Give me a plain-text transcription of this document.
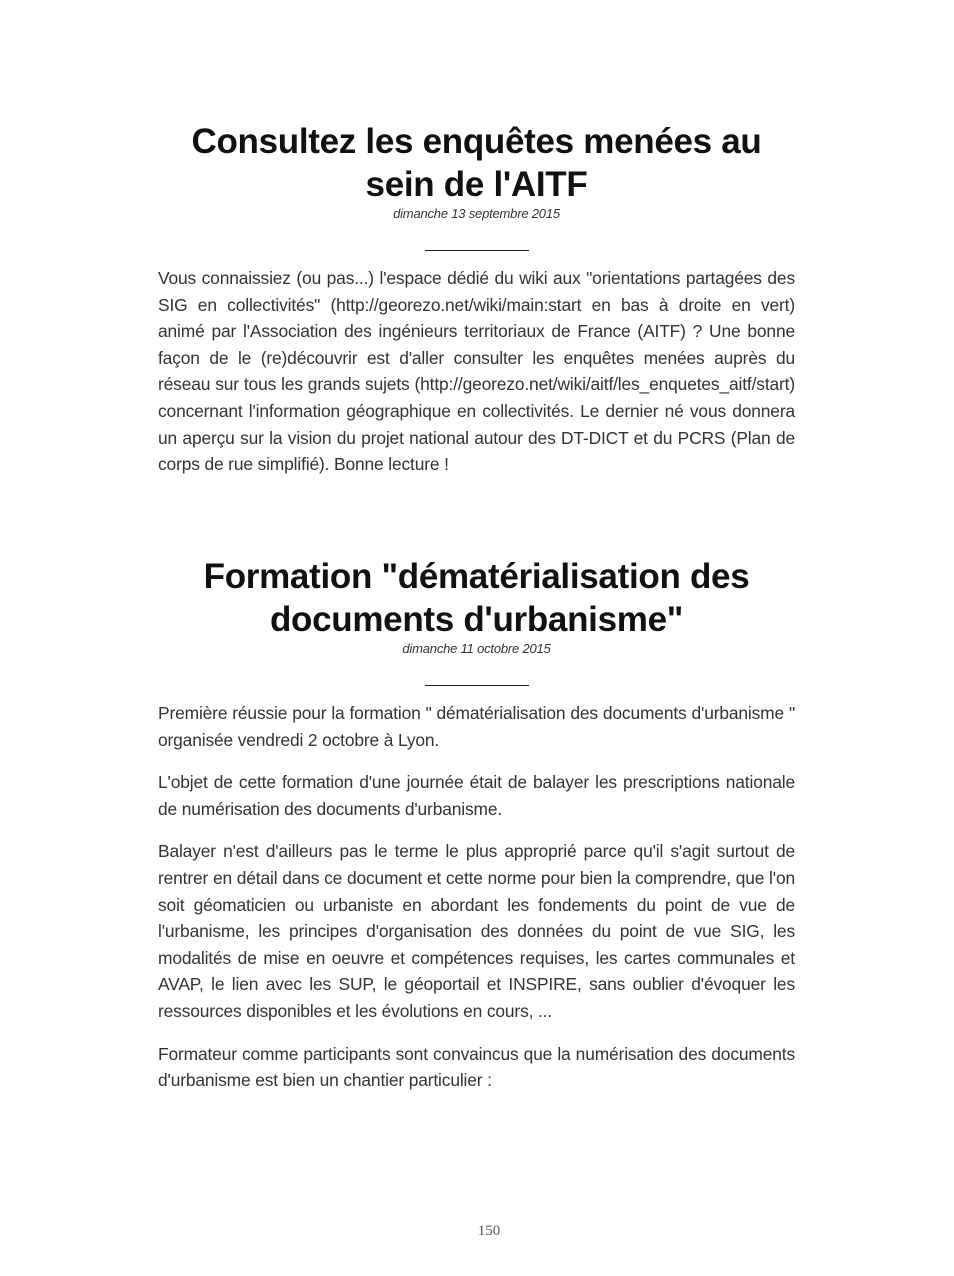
Consultez les enquêtes menées au sein de l'AITF

dimanche 13 septembre 2015

Vous connaissiez (ou pas...) l'espace dédié du wiki aux "orientations partagées des SIG en collectivités" (http://georezo.net/wiki/main:start en bas à droite en vert) animé par l'Association des ingénieurs territoriaux de France (AITF) ? Une bonne façon de le (re)découvrir est d'aller consulter les enquêtes menées auprès du réseau sur tous les grands sujets (http://georezo.net/wiki/aitf/les_enquetes_aitf/start) concernant l'information géographique en collectivités. Le dernier né vous donnera un aperçu sur la vision du projet national autour des DT-DICT et du PCRS (Plan de corps de rue simplifié). Bonne lecture !

Formation "dématérialisation des documents d'urbanisme"

dimanche 11 octobre 2015

Première réussie pour la formation " dématérialisation des documents d'urbanisme " organisée vendredi 2 octobre à Lyon.

L'objet de cette formation d'une journée était de balayer les prescriptions nationale de numérisation des documents d'urbanisme.

Balayer n'est d'ailleurs pas le terme le plus approprié parce qu'il s'agit surtout de rentrer en détail dans ce document et cette norme pour bien la comprendre, que l'on soit géomaticien ou urbaniste en abordant les fondements du point de vue de l'urbanisme, les principes d'organisation des données du point de vue SIG, les modalités de mise en oeuvre et compétences requises, les cartes communales et AVAP, le lien avec les SUP, le géoportail et INSPIRE, sans oublier d'évoquer les ressources disponibles et les évolutions en cours, ...

Formateur comme participants sont convaincus que la numérisation des documents d'urbanisme est bien un chantier particulier :

150
